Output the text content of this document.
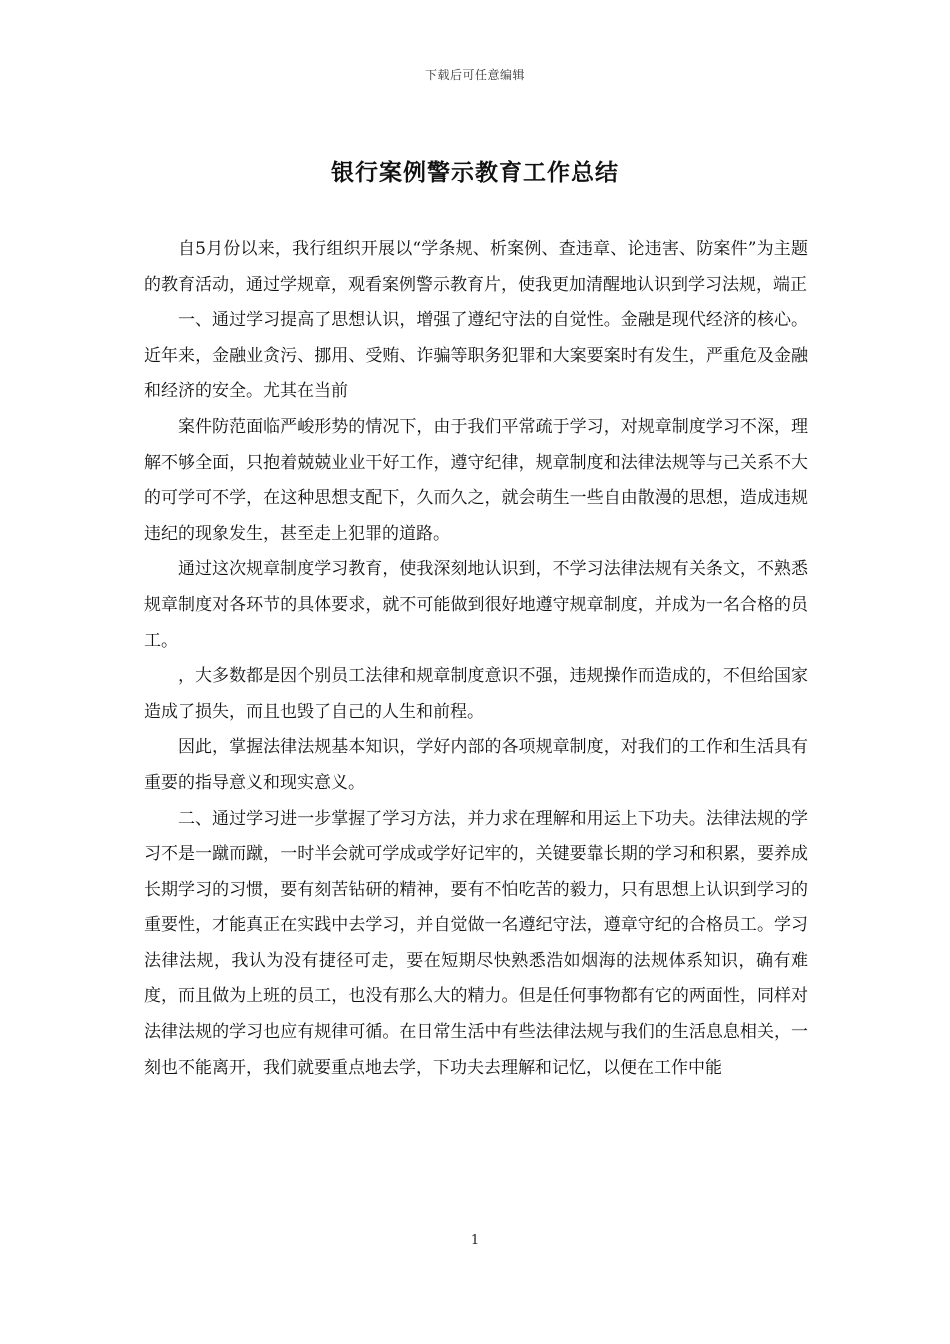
下载后可任意编辑
银行案例警示教育工作总结

自5月份以来，我行组织开展以“学条规、析案例、查违章、论违害、防案件”为主题的教育活动，通过学规章，观看案例警示教育片，使我更加清醒地认识到学习法规，端正

一、通过学习提高了思想认识，增强了遵纪守法的自觉性。金融是现代经济的核心。近年来，金融业贪污、挪用、受贿、诈骗等职务犯罪和大案要案时有发生，严重危及金融和经济的安全。尤其在当前

案件防范面临严峻形势的情况下，由于我们平常疏于学习，对规章制度学习不深，理解不够全面，只抱着兢兢业业干好工作，遵守纪律，规章制度和法律法规等与己关系不大的可学可不学，在这种思想支配下，久而久之，就会萌生一些自由散漫的思想，造成违规违纪的现象发生，甚至走上犯罪的道路。

通过这次规章制度学习教育，使我深刻地认识到，不学习法律法规有关条文，不熟悉规章制度对各环节的具体要求，就不可能做到很好地遵守规章制度，并成为一名合格的员工。

，大多数都是因个别员工法律和规章制度意识不强，违规操作而造成的，不但给国家造成了损失，而且也毁了自己的人生和前程。

因此，掌握法律法规基本知识，学好内部的各项规章制度，对我们的工作和生活具有重要的指导意义和现实意义。

二、通过学习进一步掌握了学习方法，并力求在理解和用运上下功夫。法律法规的学习不是一蹴而蹴，一时半会就可学成或学好记牢的，关键要靠长期的学习和积累，要养成长期学习的习惯，要有刻苦钻研的精神，要有不怕吃苦的毅力，只有思想上认识到学习的重要性，才能真正在实践中去学习，并自觉做一名遵纪守法，遵章守纪的合格员工。学习法律法规，我认为没有捷径可走，要在短期尽快熟悉浩如烟海的法规体系知识，确有难度，而且做为上班的员工，也没有那么大的精力。但是任何事物都有它的两面性，同样对法律法规的学习也应有规律可循。在日常生活中有些法律法规与我们的生活息息相关，一刻也不能离开，我们就要重点地去学，下功夫去理解和记忆，以便在工作中能

1
